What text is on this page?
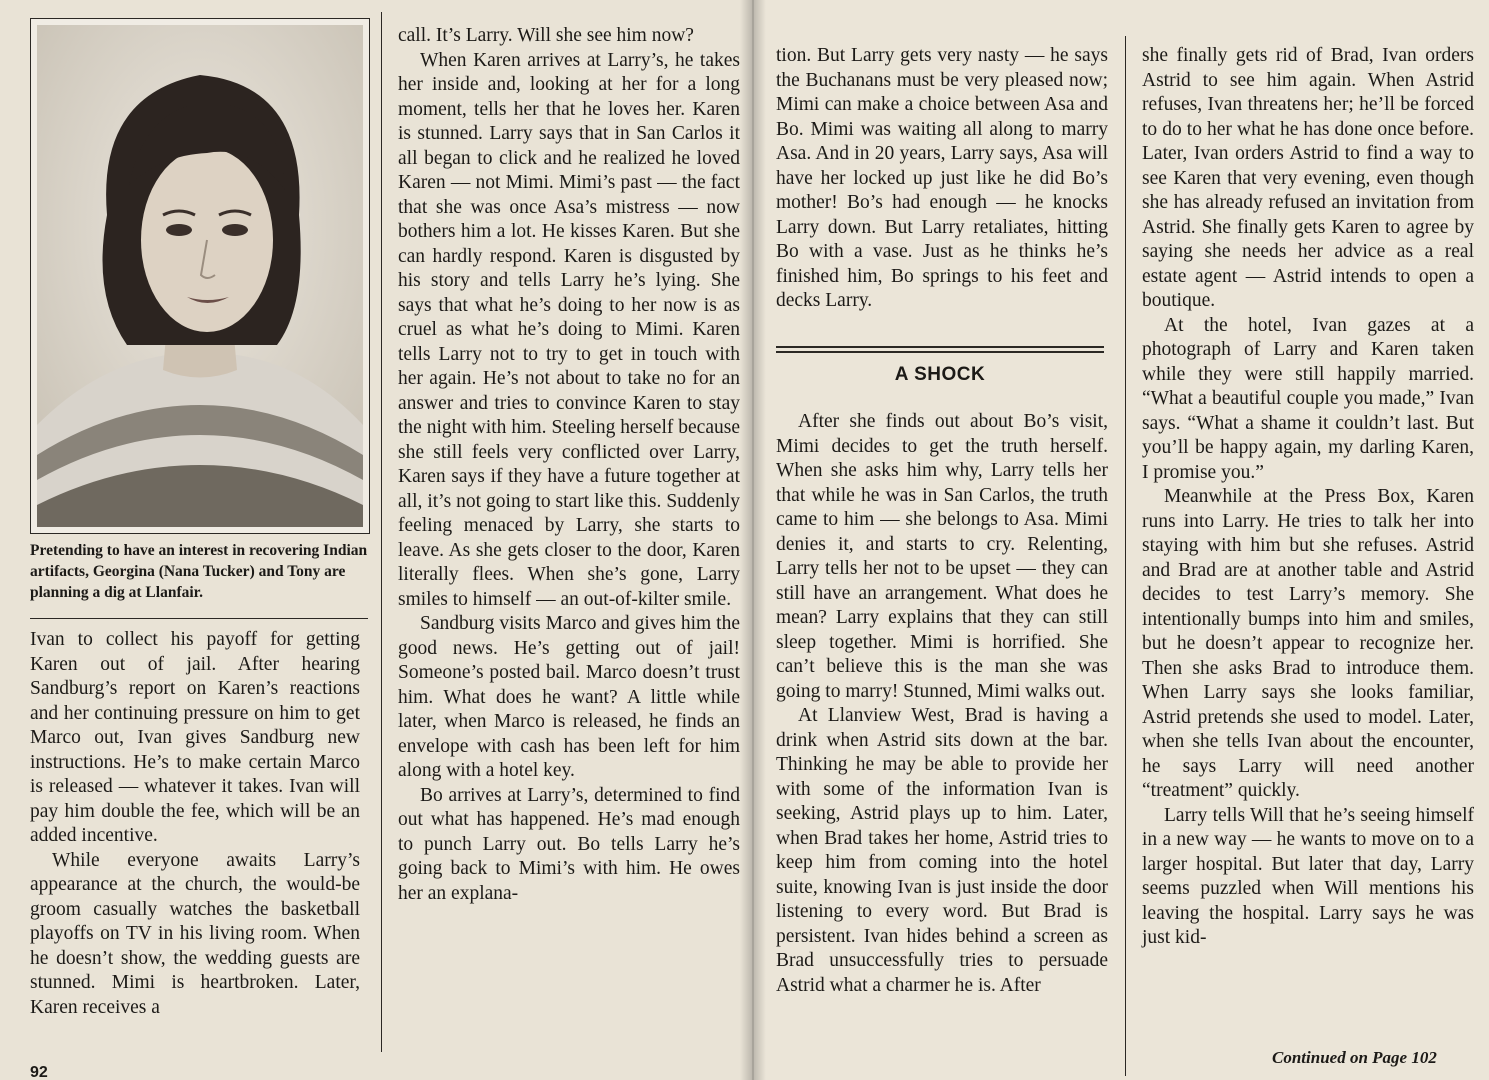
Pretending to have an interest in recovering Indian artifacts, Georgina (Nana Tucker) and Tony are planning a dig at Llanfair.

Ivan to collect his payoff for getting Karen out of jail. After hearing Sandburg’s report on Karen’s reactions and her continuing pressure on him to get Marco out, Ivan gives Sandburg new instructions. He’s to make certain Marco is released — whatever it takes. Ivan will pay him double the fee, which will be an added incentive.

While everyone awaits Larry’s appearance at the church, the would-be groom casually watches the basketball playoffs on TV in his living room. When he doesn’t show, the wedding guests are stunned. Mimi is heartbroken. Later, Karen receives a

call. It’s Larry. Will she see him now?

When Karen arrives at Larry’s, he takes her inside and, looking at her for a long moment, tells her that he loves her. Karen is stunned. Larry says that in San Carlos it all began to click and he realized he loved Karen — not Mimi. Mimi’s past — the fact that she was once Asa’s mistress — now bothers him a lot. He kisses Karen. But she can hardly respond. Karen is disgusted by his story and tells Larry he’s lying. She says that what he’s doing to her now is as cruel as what he’s doing to Mimi. Karen tells Larry not to try to get in touch with her again. He’s not about to take no for an answer and tries to convince Karen to stay the night with him. Steeling herself because she still feels very conflicted over Larry, Karen says if they have a future together at all, it’s not going to start like this. Suddenly feeling menaced by Larry, she starts to leave. As she gets closer to the door, Karen literally flees. When she’s gone, Larry smiles to himself — an out-of-kilter smile.

Sandburg visits Marco and gives him the good news. He’s getting out of jail! Someone’s posted bail. Marco doesn’t trust him. What does he want? A little while later, when Marco is released, he finds an envelope with cash has been left for him along with a hotel key.

Bo arrives at Larry’s, determined to find out what has happened. He’s mad enough to punch Larry out. Bo tells Larry he’s going back to Mimi’s with him. He owes her an explana-

92

tion. But Larry gets very nasty — he says the Buchanans must be very pleased now; Mimi can make a choice between Asa and Bo. Mimi was waiting all along to marry Asa. And in 20 years, Larry says, Asa will have her locked up just like he did Bo’s mother! Bo’s had enough — he knocks Larry down. But Larry retaliates, hitting Bo with a vase. Just as he thinks he’s finished him, Bo springs to his feet and decks Larry.

A SHOCK

After she finds out about Bo’s visit, Mimi decides to get the truth herself. When she asks him why, Larry tells her that while he was in San Carlos, the truth came to him — she belongs to Asa. Mimi denies it, and starts to cry. Relenting, Larry tells her not to be upset — they can still have an arrangement. What does he mean? Larry explains that they can still sleep together. Mimi is horrified. She can’t believe this is the man she was going to marry! Stunned, Mimi walks out.

At Llanview West, Brad is having a drink when Astrid sits down at the bar. Thinking he may be able to provide her with some of the information Ivan is seeking, Astrid plays up to him. Later, when Brad takes her home, Astrid tries to keep him from coming into the hotel suite, knowing Ivan is just inside the door listening to every word. But Brad is persistent. Ivan hides behind a screen as Brad unsuccessfully tries to persuade Astrid what a charmer he is. After

she finally gets rid of Brad, Ivan orders Astrid to see him again. When Astrid refuses, Ivan threatens her; he’ll be forced to do to her what he has done once before. Later, Ivan orders Astrid to find a way to see Karen that very evening, even though she has already refused an invitation from Astrid. She finally gets Karen to agree by saying she needs her advice as a real estate agent — Astrid intends to open a boutique.

At the hotel, Ivan gazes at a photograph of Larry and Karen taken while they were still happily married. “What a beautiful couple you made,” Ivan says. “What a shame it couldn’t last. But you’ll be happy again, my darling Karen, I promise you.”

Meanwhile at the Press Box, Karen runs into Larry. He tries to talk her into staying with him but she refuses. Astrid and Brad are at another table and Astrid decides to test Larry’s memory. She intentionally bumps into him and smiles, but he doesn’t appear to recognize her. Then she asks Brad to introduce them. When Larry says she looks familiar, Astrid pretends she used to model. Later, when she tells Ivan about the encounter, he says Larry will need another “treatment” quickly.

Larry tells Will that he’s seeing himself in a new way — he wants to move on to a larger hospital. But later that day, Larry seems puzzled when Will mentions his leaving the hospital. Larry says he was just kid-

Continued on Page 102
